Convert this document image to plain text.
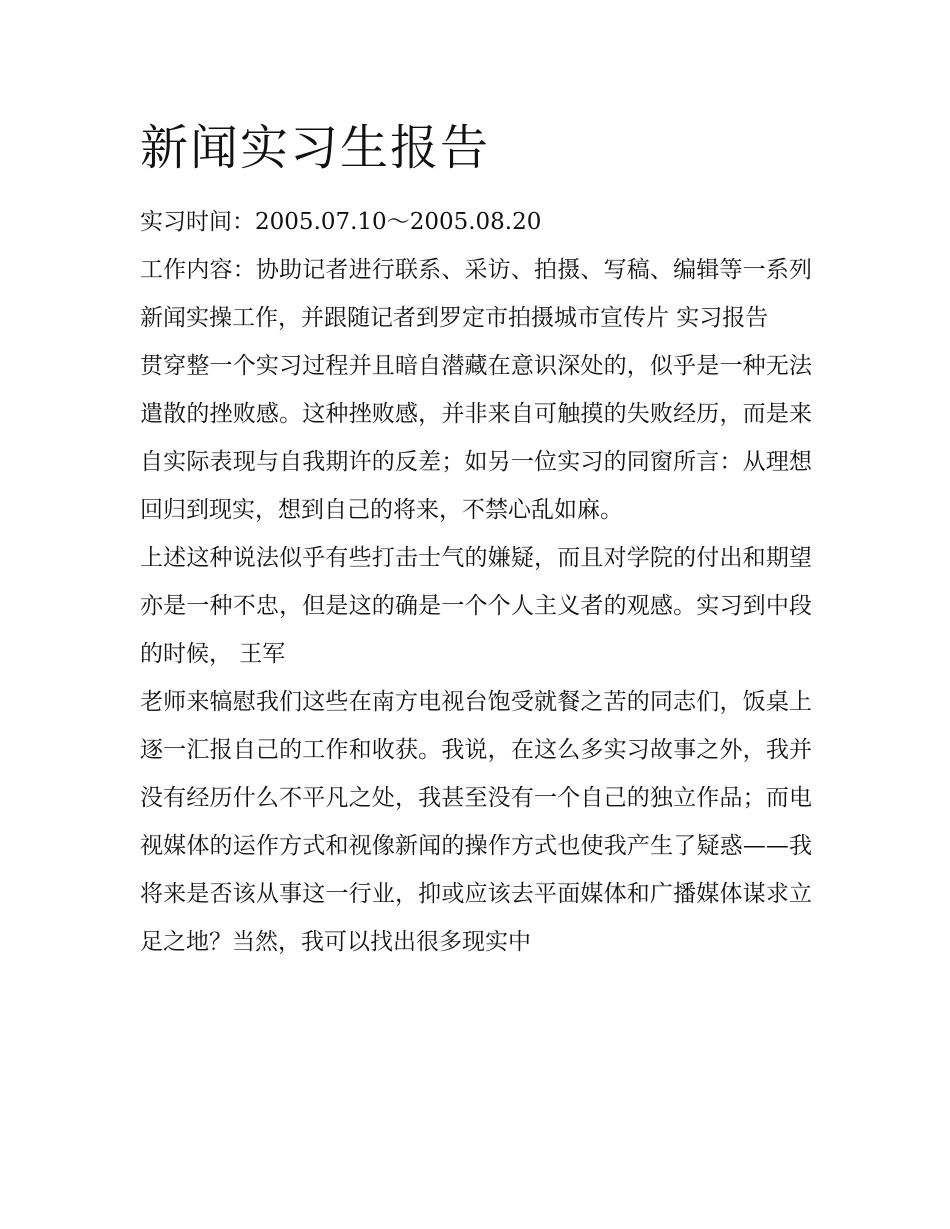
新闻实习生报告

实习时间：2005.07.10～2005.08.20

工作内容：协助记者进行联系、采访、拍摄、写稿、编辑等一系列新闻实操工作，并跟随记者到罗定市拍摄城市宣传片 实习报告

贯穿整一个实习过程并且暗自潜藏在意识深处的，似乎是一种无法遣散的挫败感。这种挫败感，并非来自可触摸的失败经历，而是来自实际表现与自我期许的反差；如另一位实习的同窗所言：从理想回归到现实，想到自己的将来，不禁心乱如麻。

上述这种说法似乎有些打击士气的嫌疑，而且对学院的付出和期望亦是一种不忠，但是这的确是一个个人主义者的观感。实习到中段的时候， 王军

老师来犒慰我们这些在南方电视台饱受就餐之苦的同志们，饭桌上逐一汇报自己的工作和收获。我说，在这么多实习故事之外，我并没有经历什么不平凡之处，我甚至没有一个自己的独立作品；而电视媒体的运作方式和视像新闻的操作方式也使我产生了疑惑——我将来是否该从事这一行业，抑或应该去平面媒体和广播媒体谋求立足之地？当然，我可以找出很多现实中
